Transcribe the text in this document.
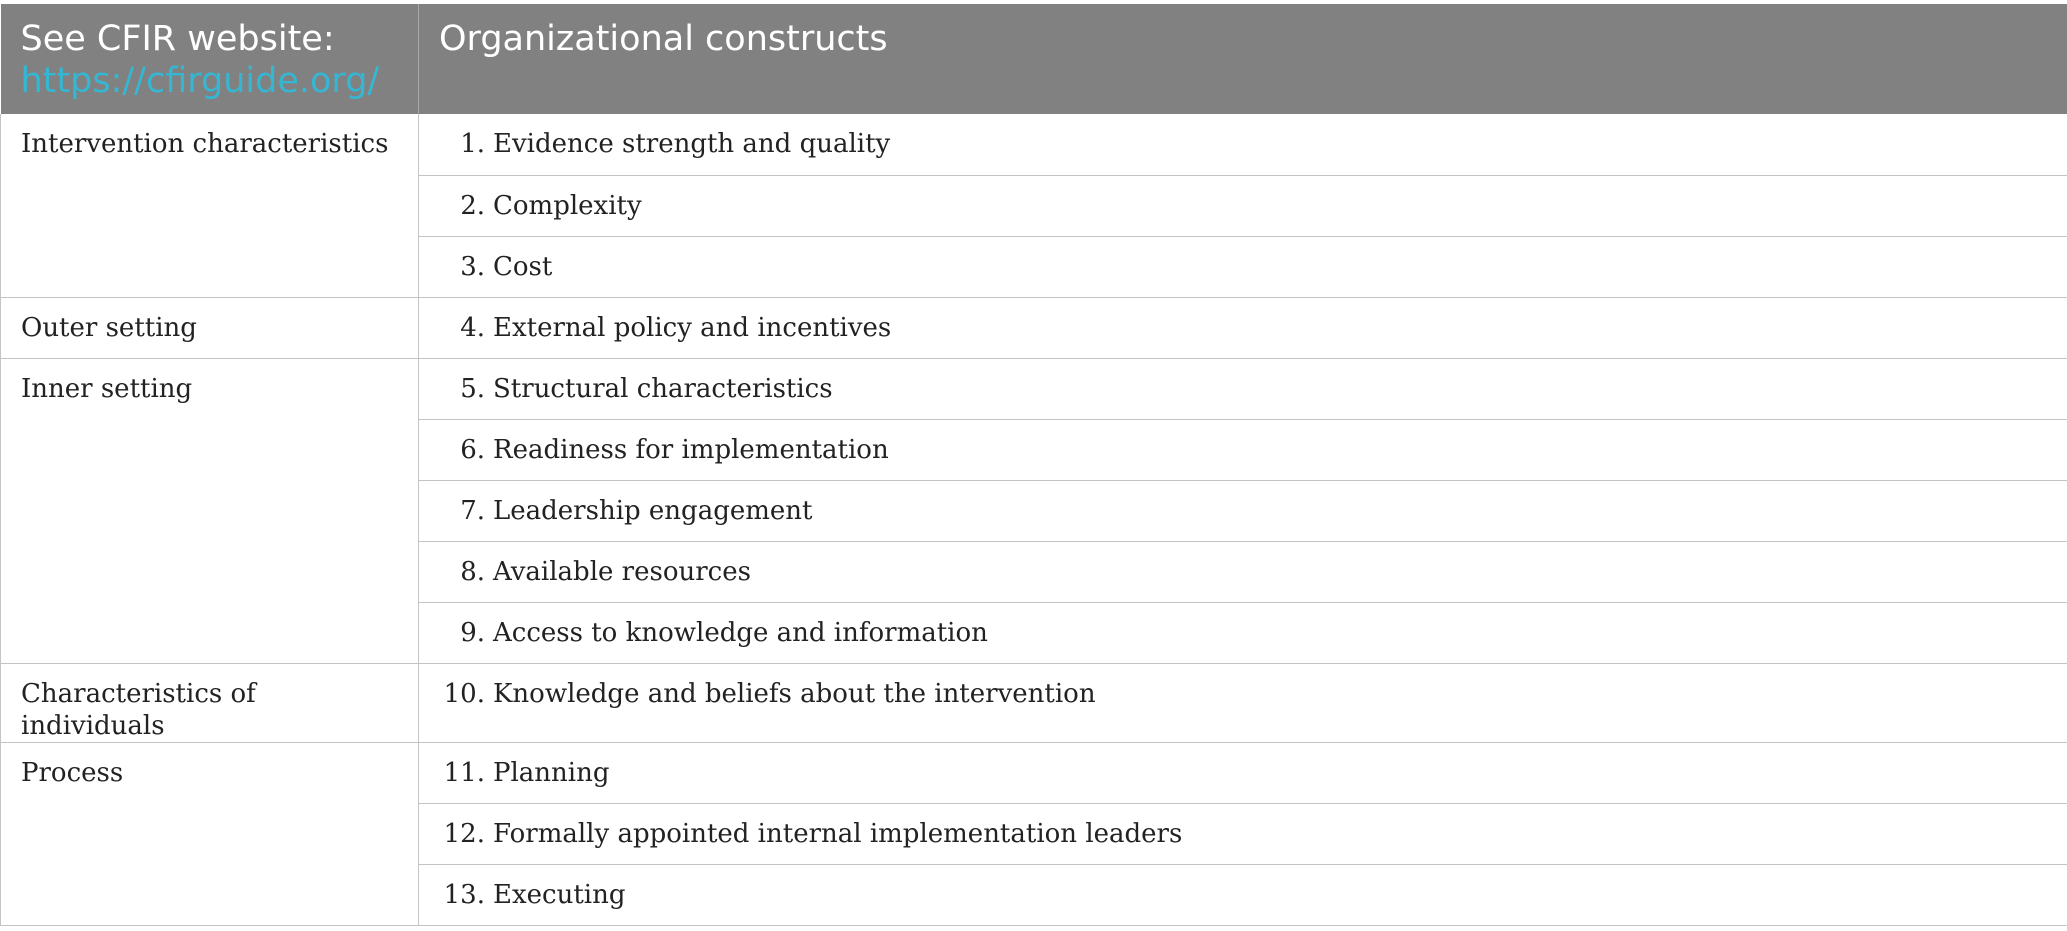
See CFIR website:
https://cfirguide.org/	Organizational constructs
Intervention characteristics	1. Evidence strength and quality
	2. Complexity
	3. Cost
Outer setting	4. External policy and incentives
Inner setting	5. Structural characteristics
	6. Readiness for implementation
	7. Leadership engagement
	8. Available resources
	9. Access to knowledge and information
Characteristics of individuals	10. Knowledge and beliefs about the intervention
Process	11. Planning
	12. Formally appointed internal implementation leaders
	13. Executing
